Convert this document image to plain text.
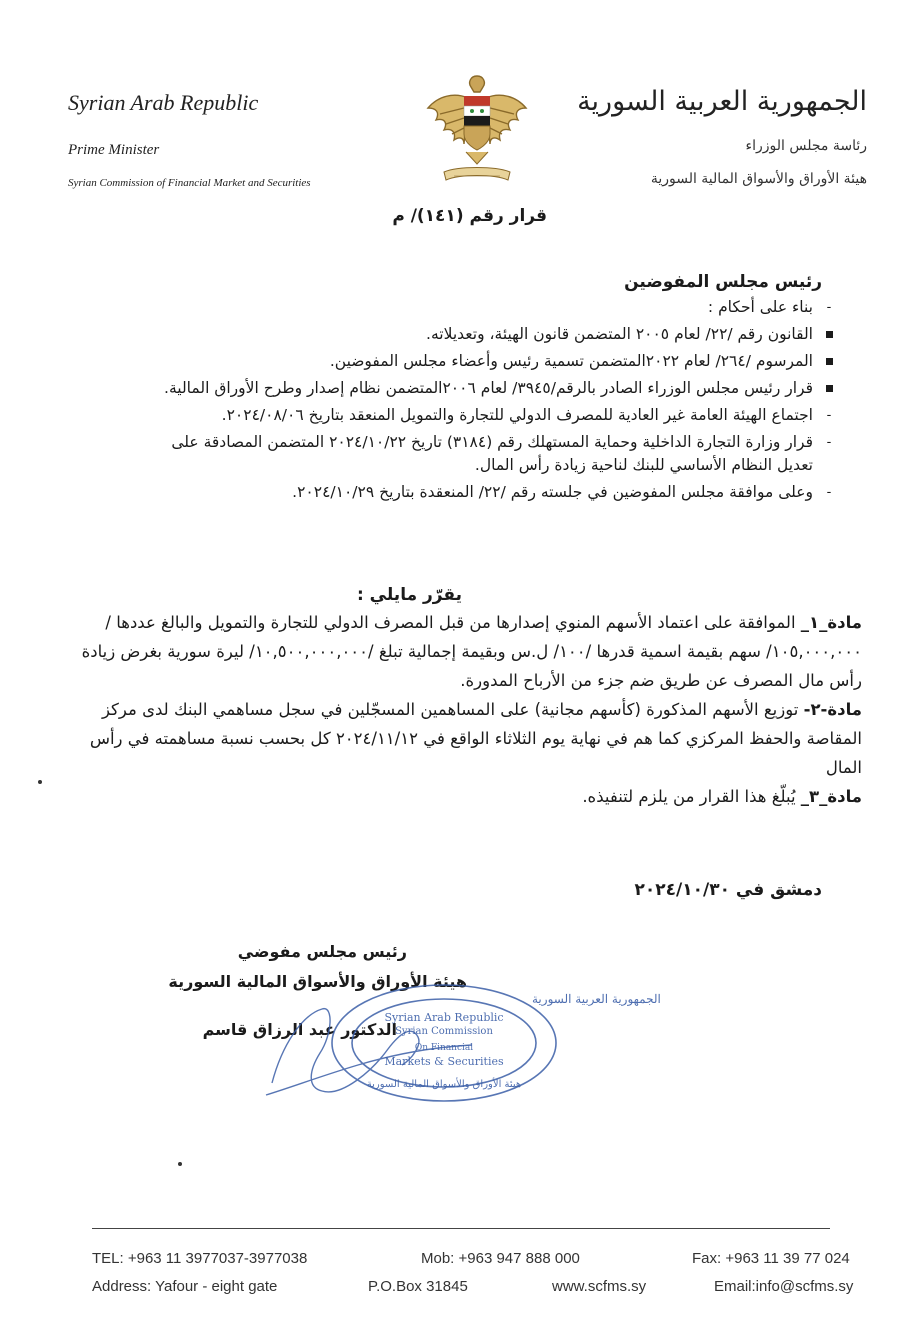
Syrian Arab Republic
Prime Minister
Syrian Commission of Financial Market and Securities
الجمهورية العربية السورية
رئاسة مجلس الوزراء
هيئة الأوراق والأسواق المالية السورية
قرار رقم (١٤١)/ م
رئيس مجلس المفوضين
-
بناء على أحكام :
القانون رقم /٢٢/ لعام ٢٠٠٥ المتضمن قانون الهيئة، وتعديلاته.
المرسوم /٢٦٤/ لعام ٢٠٢٢المتضمن تسمية رئيس وأعضاء مجلس المفوضين.
قرار رئيس مجلس الوزراء الصادر بالرقم/٣٩٤٥/ لعام ٢٠٠٦المتضمن نظام إصدار وطرح الأوراق المالية.
-
اجتماع الهيئة العامة غير العادية للمصرف الدولي للتجارة والتمويل المنعقد بتاريخ ٢٠٢٤/٠٨/٠٦.
-
قرار وزارة التجارة الداخلية وحماية المستهلك رقم (٣١٨٤) تاريخ ٢٠٢٤/١٠/٢٢ المتضمن المصادقة على تعديل النظام الأساسي للبنك لناحية زيادة رأس المال.
-
وعلى موافقة مجلس المفوضين في جلسته رقم /٢٢/ المنعقدة بتاريخ ٢٠٢٤/١٠/٢٩.
يقرّر مايلي :

مادة_١_ الموافقة على اعتماد الأسهم المنوي إصدارها من قبل المصرف الدولي للتجارة والتمويل والبالغ عددها /١٠٥,٠٠٠,٠٠٠/ سهم بقيمة اسمية قدرها /١٠٠/ ل.س وبقيمة إجمالية تبلغ /١٠,٥٠٠,٠٠٠,٠٠٠/ ليرة سورية بغرض زيادة رأس مال المصرف عن طريق ضم جزء من الأرباح المدورة.

مادة-٢- توزيع الأسهم المذكورة (كأسهم مجانية) على المساهمين المسجّلين في سجل مساهمي البنك لدى مركز المقاصة والحفظ المركزي كما هم في نهاية يوم الثلاثاء الواقع في ٢٠٢٤/١١/١٢ كل بحسب نسبة مساهمته في رأس المال

مادة_٣_ يُبلّغ هذا القرار من يلزم لتنفيذه.

دمشق في ٢٠٢٤/١٠/٣٠
رئيس مجلس مفوضي
هيئة الأوراق والأسواق المالية السورية
الدكتور عبد الرزاق قاسم
الجمهورية العربية السورية
Syrian Arab Republic
Syrian Commission
On Financial
Markets & Securities
هيئة الأوراق والأسواق المالية السورية
TEL: +963 11 3977037-3977038	Mob: +963 947 888 000	Fax: +963 11 39 77 024
Address: Yafour - eight gate	P.O.Box 31845	www.scfms.sy	Email:info@scfms.sy
